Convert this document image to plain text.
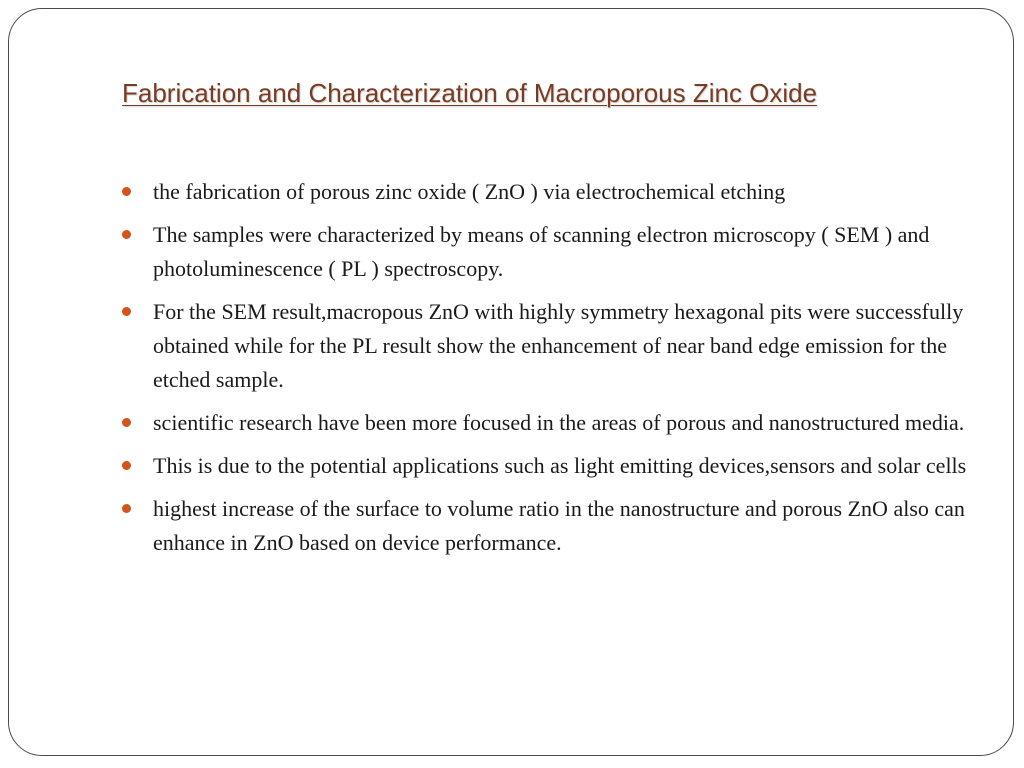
Fabrication and Characterization of Macroporous Zinc Oxide
the fabrication of porous zinc oxide ( ZnO ) via electrochemical etching
The samples were characterized by means of scanning electron microscopy ( SEM ) and photoluminescence ( PL ) spectroscopy.
For the SEM result,macropous ZnO with highly symmetry hexagonal pits were successfully obtained while for the PL result show the enhancement of near band edge emission for the etched sample.
scientific research have been more focused in the areas of porous and nanostructured media.
This is due to the potential applications such as light emitting devices,sensors and solar cells
highest increase of the surface to volume ratio in the nanostructure and porous ZnO also can enhance in ZnO based on device performance.
